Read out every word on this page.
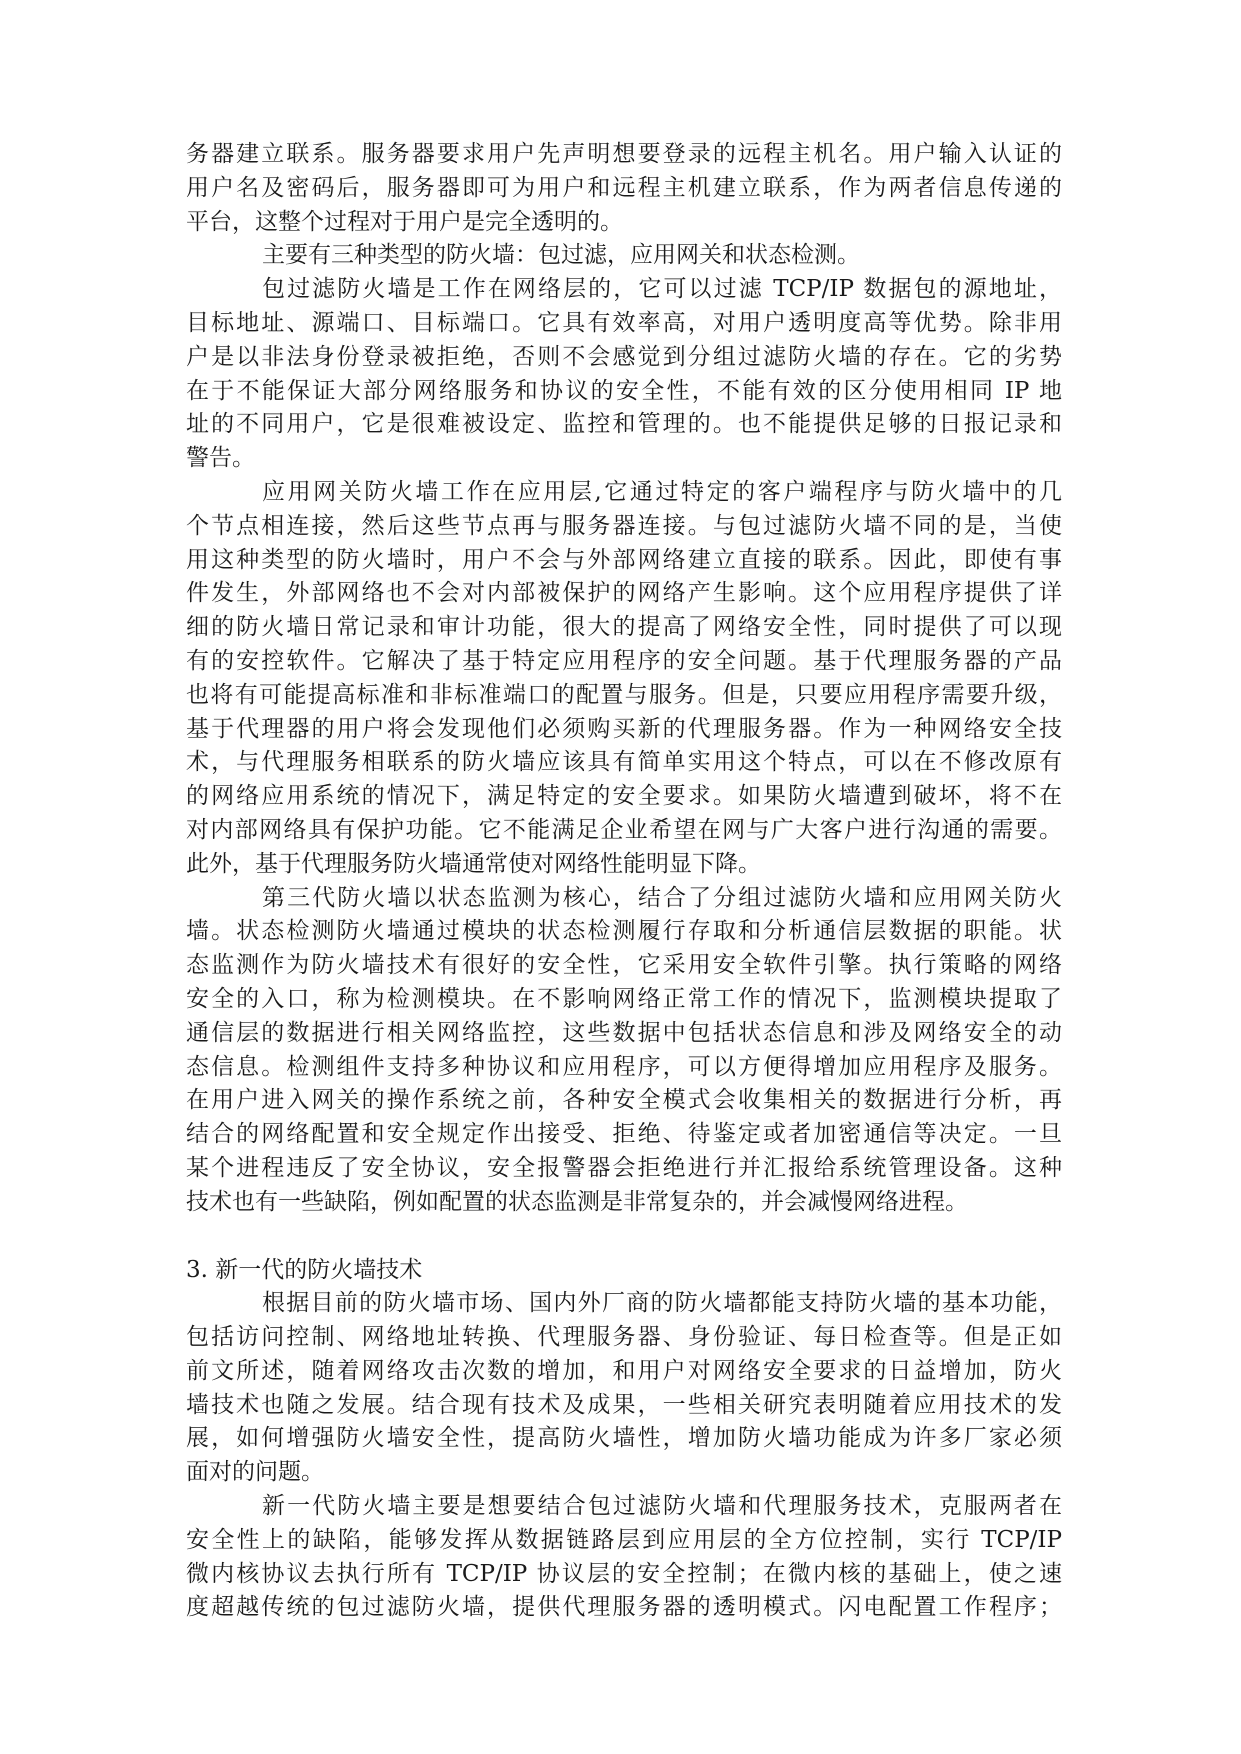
务器建立联系。服务器要求用户先声明想要登录的远程主机名。用户输入认证的
用户名及密码后，服务器即可为用户和远程主机建立联系，作为两者信息传递的
平台，这整个过程对于用户是完全透明的。
主要有三种类型的防火墙：包过滤，应用网关和状态检测。
包过滤防火墙是工作在网络层的，它可以过滤 TCP/IP 数据包的源地址，
目标地址、源端口、目标端口。它具有效率高，对用户透明度高等优势。除非用
户是以非法身份登录被拒绝，否则不会感觉到分组过滤防火墙的存在。它的劣势
在于不能保证大部分网络服务和协议的安全性，不能有效的区分使用相同 IP 地
址的不同用户，它是很难被设定、监控和管理的。也不能提供足够的日报记录和
警告。
应用网关防火墙工作在应用层,它通过特定的客户端程序与防火墙中的几
个节点相连接，然后这些节点再与服务器连接。与包过滤防火墙不同的是，当使
用这种类型的防火墙时，用户不会与外部网络建立直接的联系。因此，即使有事
件发生，外部网络也不会对内部被保护的网络产生影响。这个应用程序提供了详
细的防火墙日常记录和审计功能，很大的提高了网络安全性，同时提供了可以现
有的安控软件。它解决了基于特定应用程序的安全问题。基于代理服务器的产品
也将有可能提高标准和非标准端口的配置与服务。但是，只要应用程序需要升级，
基于代理器的用户将会发现他们必须购买新的代理服务器。作为一种网络安全技
术，与代理服务相联系的防火墙应该具有简单实用这个特点，可以在不修改原有
的网络应用系统的情况下，满足特定的安全要求。如果防火墙遭到破坏，将不在
对内部网络具有保护功能。它不能满足企业希望在网与广大客户进行沟通的需要。
此外，基于代理服务防火墙通常使对网络性能明显下降。
第三代防火墙以状态监测为核心，结合了分组过滤防火墙和应用网关防火
墙。状态检测防火墙通过模块的状态检测履行存取和分析通信层数据的职能。状
态监测作为防火墙技术有很好的安全性，它采用安全软件引擎。执行策略的网络
安全的入口，称为检测模块。在不影响网络正常工作的情况下，监测模块提取了
通信层的数据进行相关网络监控，这些数据中包括状态信息和涉及网络安全的动
态信息。检测组件支持多种协议和应用程序，可以方便得增加应用程序及服务。
在用户进入网关的操作系统之前，各种安全模式会收集相关的数据进行分析，再
结合的网络配置和安全规定作出接受、拒绝、待鉴定或者加密通信等决定。一旦
某个进程违反了安全协议，安全报警器会拒绝进行并汇报给系统管理设备。这种
技术也有一些缺陷，例如配置的状态监测是非常复杂的，并会减慢网络进程。
3. 新一代的防火墙技术
根据目前的防火墙市场、国内外厂商的防火墙都能支持防火墙的基本功能，
包括访问控制、网络地址转换、代理服务器、身份验证、每日检查等。但是正如
前文所述，随着网络攻击次数的增加，和用户对网络安全要求的日益增加，防火
墙技术也随之发展。结合现有技术及成果，一些相关研究表明随着应用技术的发
展，如何增强防火墙安全性，提高防火墙性，增加防火墙功能成为许多厂家必须
面对的问题。
新一代防火墙主要是想要结合包过滤防火墙和代理服务技术，克服两者在
安全性上的缺陷，能够发挥从数据链路层到应用层的全方位控制，实行 TCP/IP
微内核协议去执行所有 TCP/IP 协议层的安全控制；在微内核的基础上，使之速
度超越传统的包过滤防火墙，提供代理服务器的透明模式。闪电配置工作程序；
